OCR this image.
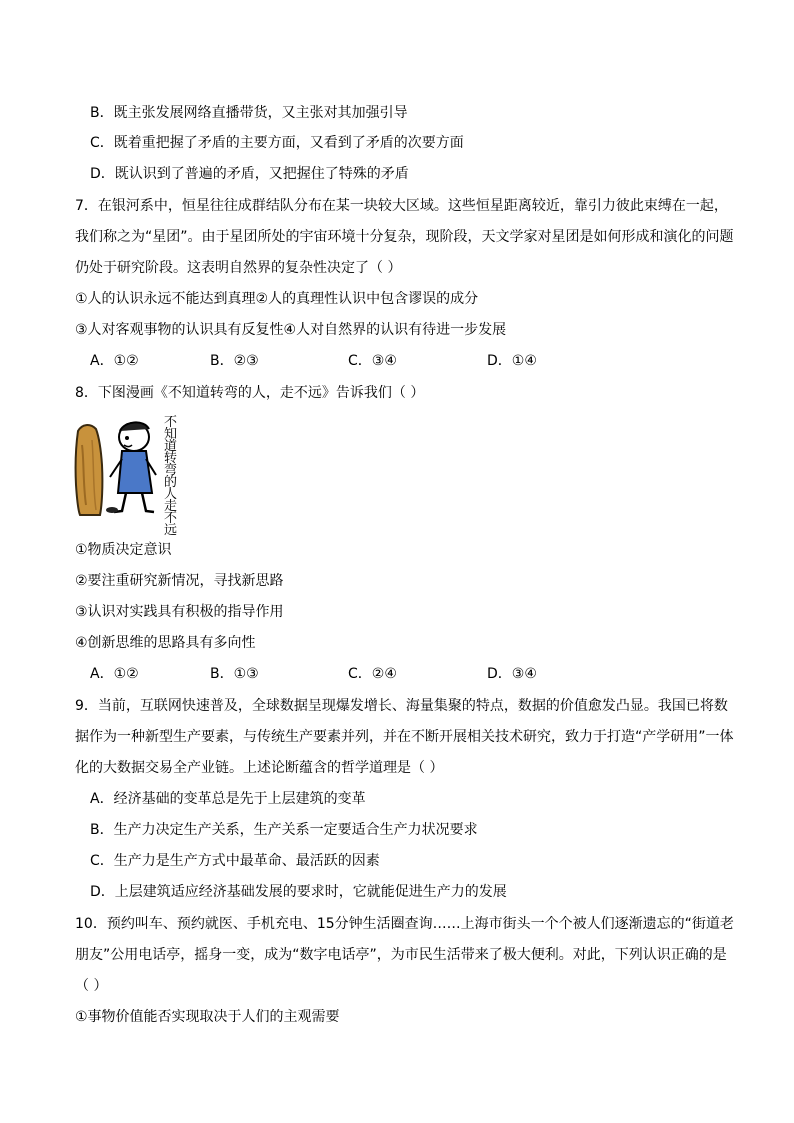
B．既主张发展网络直播带货，又主张对其加强引导
C．既着重把握了矛盾的主要方面，又看到了矛盾的次要方面
D．既认识到了普遍的矛盾，又把握住了特殊的矛盾
7．在银河系中，恒星往往成群结队分布在某一块较大区域。这些恒星距离较近，靠引力彼此束缚在一起，
我们称之为“星团”。由于星团所处的宇宙环境十分复杂，现阶段，天文学家对星团是如何形成和演化的问题
仍处于研究阶段。这表明自然界的复杂性决定了（ ）
①人的认识永远不能达到真理②人的真理性认识中包含谬误的成分
③人对客观事物的认识具有反复性④人对自然界的认识有待进一步发展
A．①②	B．②③	C．③④	D．①④
8．下图漫画《不知道转弯的人，走不远》告诉我们（ ）
不知道转弯的人走不远
①物质决定意识
②要注重研究新情况，寻找新思路
③认识对实践具有积极的指导作用
④创新思维的思路具有多向性
A．①②	B．①③	C．②④	D．③④
9．当前，互联网快速普及，全球数据呈现爆发增长、海量集聚的特点，数据的价值愈发凸显。我国已将数
据作为一种新型生产要素，与传统生产要素并列，并在不断开展相关技术研究，致力于打造“产学研用”一体
化的大数据交易全产业链。上述论断蕴含的哲学道理是（ ）
A．经济基础的变革总是先于上层建筑的变革
B．生产力决定生产关系，生产关系一定要适合生产力状况要求
C．生产力是生产方式中最革命、最活跃的因素
D．上层建筑适应经济基础发展的要求时，它就能促进生产力的发展
10．预约叫车、预约就医、手机充电、15分钟生活圈查询……上海市街头一个个被人们逐渐遗忘的“街道老
朋友”公用电话亭，摇身一变，成为“数字电话亭”，为市民生活带来了极大便利。对此，下列认识正确的是
（ ）
①事物价值能否实现取决于人们的主观需要
